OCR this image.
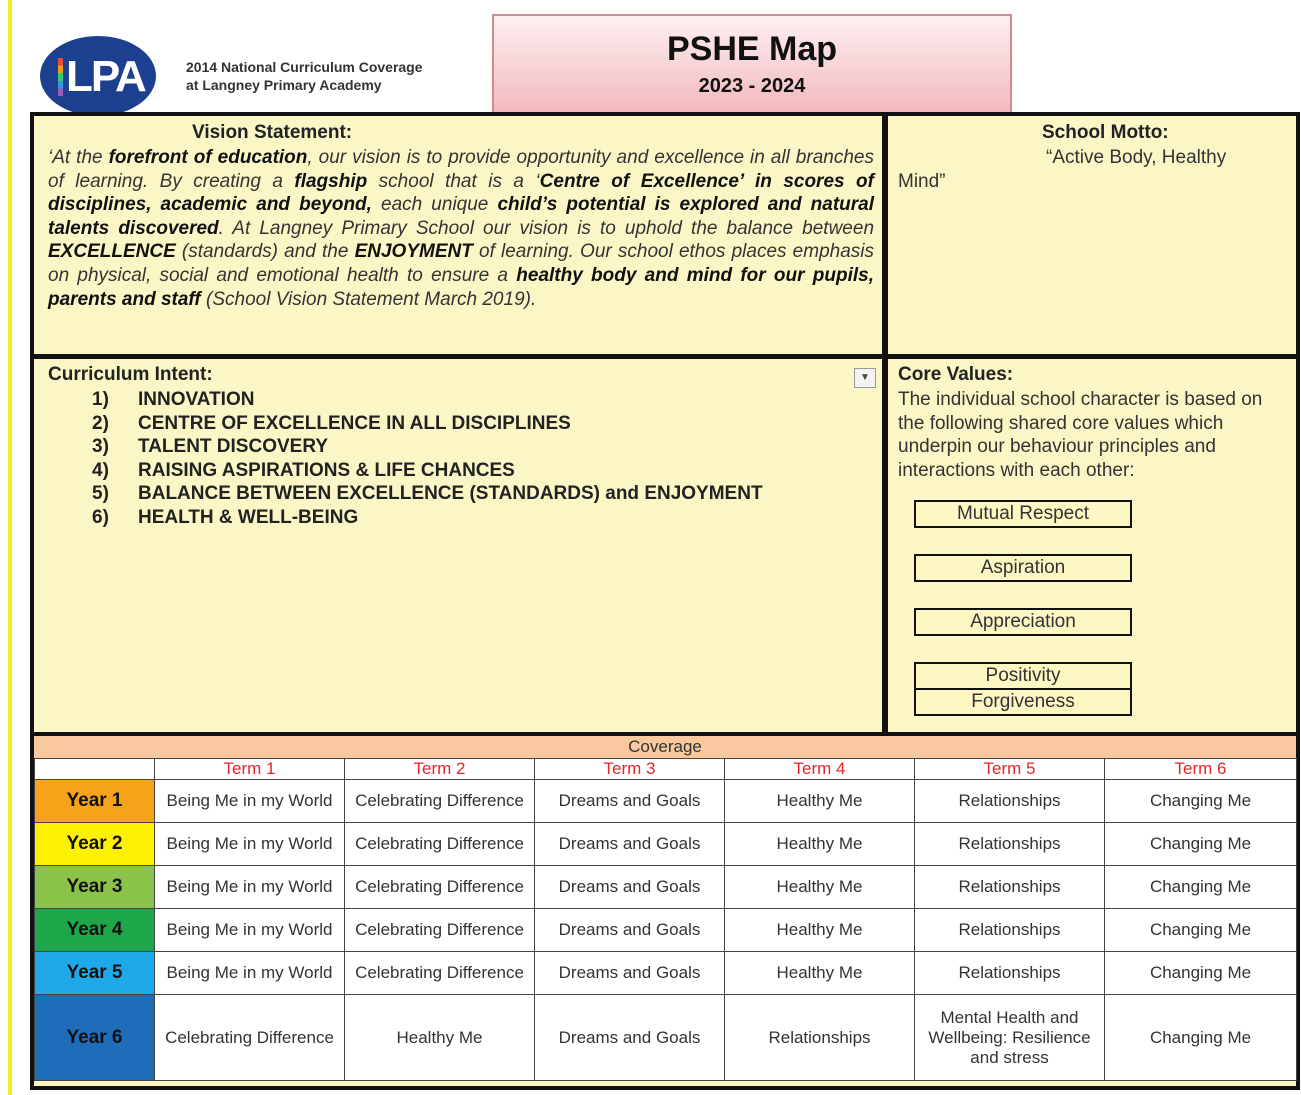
LPA	2014 National Curriculum Coverage at Langney Primary Academy
PSHE Map
2023 - 2024
Vision Statement:
‘At the forefront of education, our vision is to provide opportunity and excellence in all branches of learning. By creating a flagship school that is a ‘Centre of Excellence’ in scores of disciplines, academic and beyond, each unique child’s potential is explored and natural talents discovered. At Langney Primary School our vision is to uphold the balance between EXCELLENCE (standards) and the ENJOYMENT of learning. Our school ethos places emphasis on physical, social and emotional health to ensure a healthy body and mind for our pupils, parents and staff (School Vision Statement March 2019).
School Motto:
“Active Body, Healthy Mind”
Curriculum Intent:	▼
1) INNOVATION
2) CENTRE OF EXCELLENCE IN ALL DISCIPLINES
3) TALENT DISCOVERY
4) RAISING ASPIRATIONS & LIFE CHANCES
5) BALANCE BETWEEN EXCELLENCE (STANDARDS) and ENJOYMENT
6) HEALTH & WELL-BEING
Core Values:
The individual school character is based on the following shared core values which underpin our behaviour principles and interactions with each other:
Mutual Respect
Aspiration
Appreciation
Positivity
Forgiveness
Coverage
	Term 1	Term 2	Term 3	Term 4	Term 5	Term 6
Year 1	Being Me in my World	Celebrating Difference	Dreams and Goals	Healthy Me	Relationships	Changing Me
Year 2	Being Me in my World	Celebrating Difference	Dreams and Goals	Healthy Me	Relationships	Changing Me
Year 3	Being Me in my World	Celebrating Difference	Dreams and Goals	Healthy Me	Relationships	Changing Me
Year 4	Being Me in my World	Celebrating Difference	Dreams and Goals	Healthy Me	Relationships	Changing Me
Year 5	Being Me in my World	Celebrating Difference	Dreams and Goals	Healthy Me	Relationships	Changing Me
Year 6	Celebrating Difference	Healthy Me	Dreams and Goals	Relationships	Mental Health and Wellbeing: Resilience and stress	Changing Me
